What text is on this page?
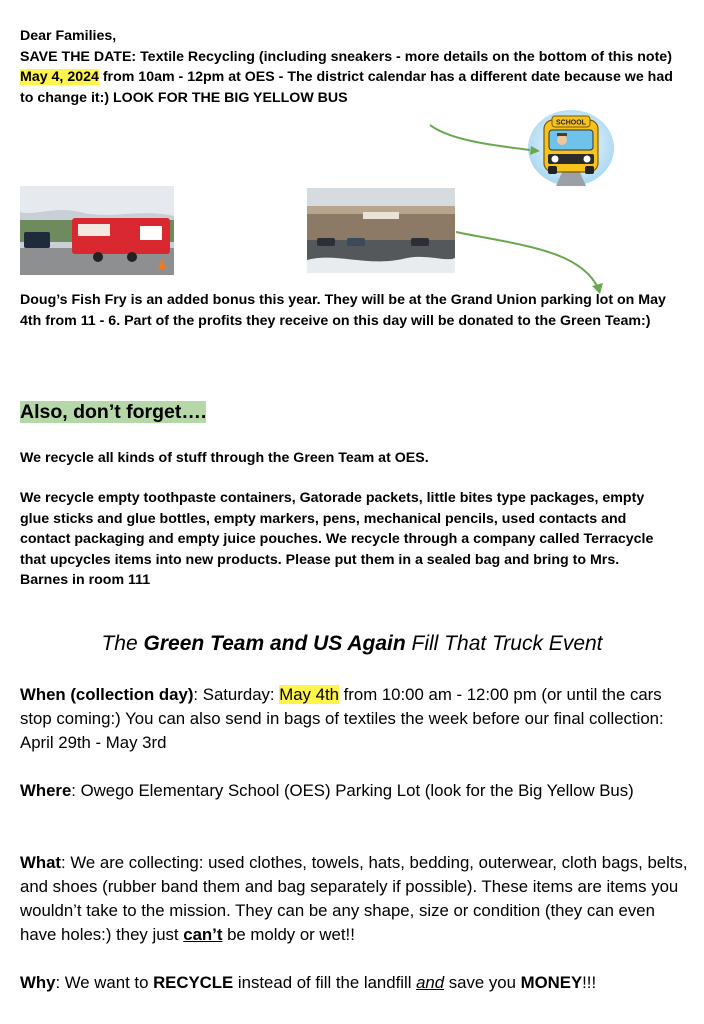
Dear Families,
SAVE THE DATE: Textile Recycling (including sneakers - more details on the bottom of this note)
May 4, 2024 from 10am - 12pm at OES - The district calendar has a different date because we had to change it:) LOOK FOR THE BIG YELLOW BUS
SCHOOL
Doug’s Fish Fry is an added bonus this year. They will be at the Grand Union parking lot on May 4th from 11 - 6. Part of the profits they receive on this day will be donated to the Green Team:)
Also, don’t forget….
We recycle all kinds of stuff through the Green Team at OES.
We recycle empty toothpaste containers, Gatorade packets, little bites type packages, empty glue sticks and glue bottles, empty markers, pens, mechanical pencils, used contacts and contact packaging and empty juice pouches. We recycle through a company called Terracycle that upcycles items into new products. Please put them in a sealed bag and bring to Mrs. Barnes in room 111
The Green Team and US Again Fill That Truck Event
When (collection day): Saturday: May 4th from 10:00 am - 12:00 pm (or until the cars stop coming:) You can also send in bags of textiles the week before our final collection: April 29th - May 3rd
Where: Owego Elementary School (OES) Parking Lot (look for the Big Yellow Bus)
What: We are collecting: used clothes, towels, hats, bedding, outerwear, cloth bags, belts, and shoes (rubber band them and bag separately if possible). These items are items you wouldn’t take to the mission. They can be any shape, size or condition (they can even have holes:) they just can’t be moldy or wet!!
Why: We want to RECYCLE instead of fill the landfill and save you MONEY!!!
